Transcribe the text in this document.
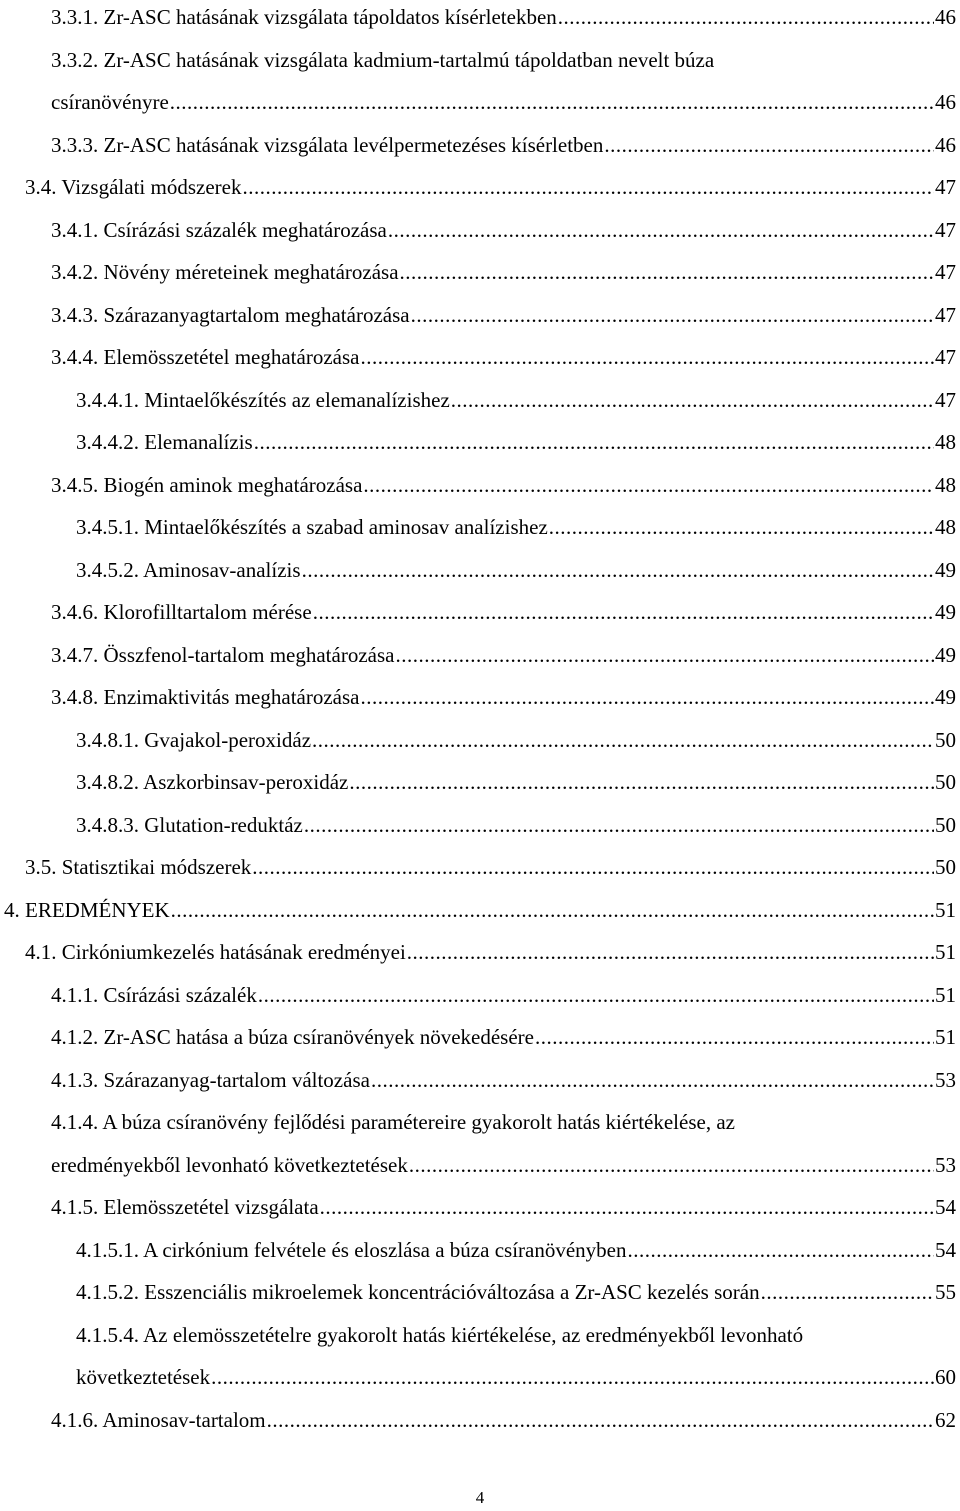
3.3.1. Zr-ASC hatásának vizsgálata tápoldatos kísérletekben .....	46
3.3.2. Zr-ASC hatásának vizsgálata kadmium-tartalmú tápoldatban nevelt búza
csíranövényre .....	46
3.3.3. Zr-ASC hatásának vizsgálata levélpermetezéses kísérletben .....	46
3.4. Vizsgálati módszerek .....	47
3.4.1. Csírázási százalék meghatározása .....	47
3.4.2. Növény méreteinek meghatározása .....	47
3.4.3. Szárazanyagtartalom meghatározása .....	47
3.4.4. Elemösszetétel meghatározása .....	47
3.4.4.1. Mintaelőkészítés az elemanalízishez .....	47
3.4.4.2. Elemanalízis .....	48
3.4.5. Biogén aminok meghatározása .....	48
3.4.5.1. Mintaelőkészítés a szabad aminosav analízishez .....	48
3.4.5.2. Aminosav-analízis .....	49
3.4.6. Klorofilltartalom mérése .....	49
3.4.7. Összfenol-tartalom meghatározása .....	49
3.4.8. Enzimaktivitás meghatározása .....	49
3.4.8.1. Gvajakol-peroxidáz .....	50
3.4.8.2. Aszkorbinsav-peroxidáz .....	50
3.4.8.3. Glutation-reduktáz .....	50
3.5. Statisztikai módszerek .....	50
4. EREDMÉNYEK .....	51
4.1. Cirkóniumkezelés hatásának eredményei .....	51
4.1.1. Csírázási százalék .....	51
4.1.2. Zr-ASC hatása a búza csíranövények növekedésére .....	51
4.1.3. Szárazanyag-tartalom változása .....	53
4.1.4. A búza csíranövény fejlődési paramétereire gyakorolt hatás kiértékelése, az
eredményekből levonható következtetések .....	53
4.1.5. Elemösszetétel vizsgálata .....	54
4.1.5.1. A cirkónium felvétele és eloszlása a búza csíranövényben .....	54
4.1.5.2. Esszenciális mikroelemek koncentrációváltozása a Zr-ASC kezelés során .....	55
4.1.5.4. Az elemösszetételre gyakorolt hatás kiértékelése, az eredményekből levonható
következtetések .....	60
4.1.6. Aminosav-tartalom .....	62
4
